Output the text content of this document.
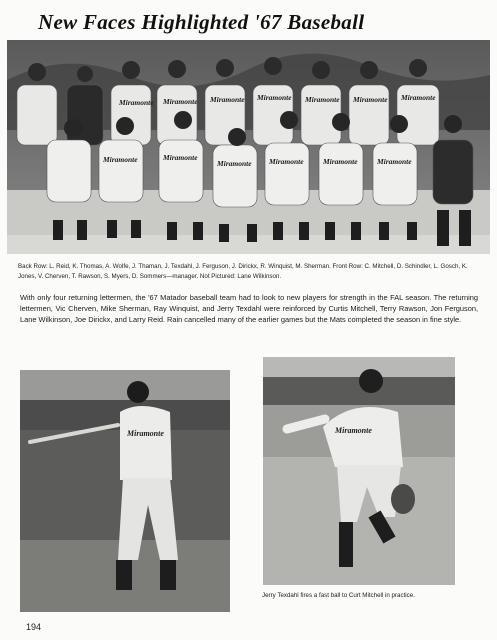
New Faces Highlighted '67 Baseball
Miramonte Miramonte Miramonte Miramonte Miramonte Miramonte Miramonte
Miramonte	Miramonte
Miramonte Miramonte	Miramonte	Miramonte
Back Row: L. Reid, K. Thomas, A. Wolfe, J. Thaman, J. Texdahl, J. Ferguson, J. Dirickx, R. Winquist, M. Sherman. Front Row: C. Mitchell, D. Schindler, L. Gosch, K. Jones, V. Cherven, T. Rawson, S. Myers, D. Sommers—manager. Not Pictured: Lane Wilkinson.
With only four returning lettermen, the '67 Matador baseball team had to look to new players for strength in the FAL season. The returning lettermen, Vic Cherven, Mike Sherman, Ray Winquist, and Jerry Texdahl were reinforced by Curtis Mitchell, Terry Rawson, Jon Ferguson, Lane Wilkinson, Joe Dirickx, and Larry Reid. Rain cancelled many of the earlier games but the Mats completed the season in fine style.
Miramonte	Miramonte
Jerry Texdahl fires a fast ball to Curt Mitchell in practice.
194
